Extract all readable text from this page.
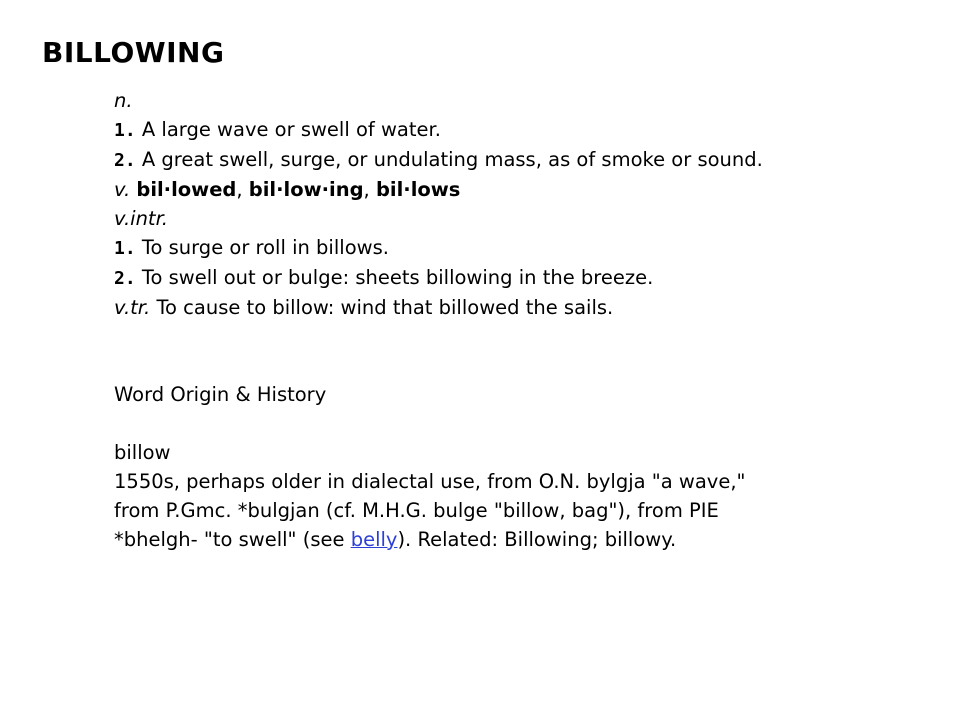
BILLOWING
n.
1. A large wave or swell of water.
2. A great swell, surge, or undulating mass, as of smoke or sound.
v. bil·lowed, bil·low·ing, bil·lows
v.intr.
1. To surge or roll in billows.
2. To swell out or bulge: sheets billowing in the breeze.
v.tr. To cause to billow: wind that billowed the sails.
Word Origin & History
billow
1550s, perhaps older in dialectal use, from O.N. bylgja "a wave," from P.Gmc. *bulgjan (cf. M.H.G. bulge "billow, bag"), from PIE *bhelgh- "to swell" (see belly). Related: Billowing; billowy.
